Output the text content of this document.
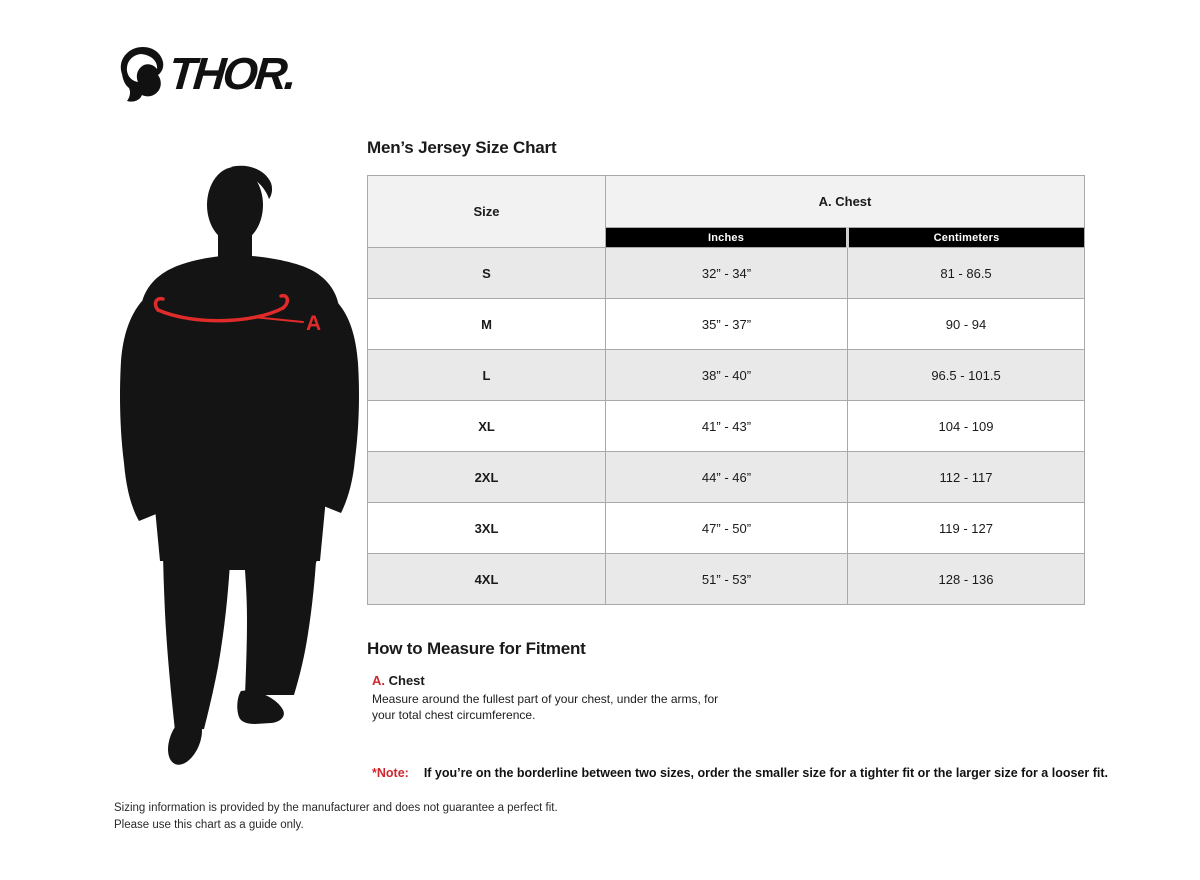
THOR.
A
Men’s Jersey Size Chart
Size	A. Chest	
	Inches	Centimeters
S	32” - 34”	81 - 86.5
M	35” - 37”	90 - 94
L	38” - 40”	96.5 - 101.5
XL	41” - 43”	104 - 109
2XL	44” - 46”	112 - 117
3XL	47” - 50”	119 - 127
4XL	51” - 53”	128 - 136
How to Measure for Fitment
A. Chest

Measure around the fullest part of your chest, under the arms, for your total chest circumference.

*Note: If you’re on the borderline between two sizes, order the smaller size for a tighter fit or the larger size for a looser fit.
Sizing information is provided by the manufacturer and does not guarantee a perfect fit.
Please use this chart as a guide only.
